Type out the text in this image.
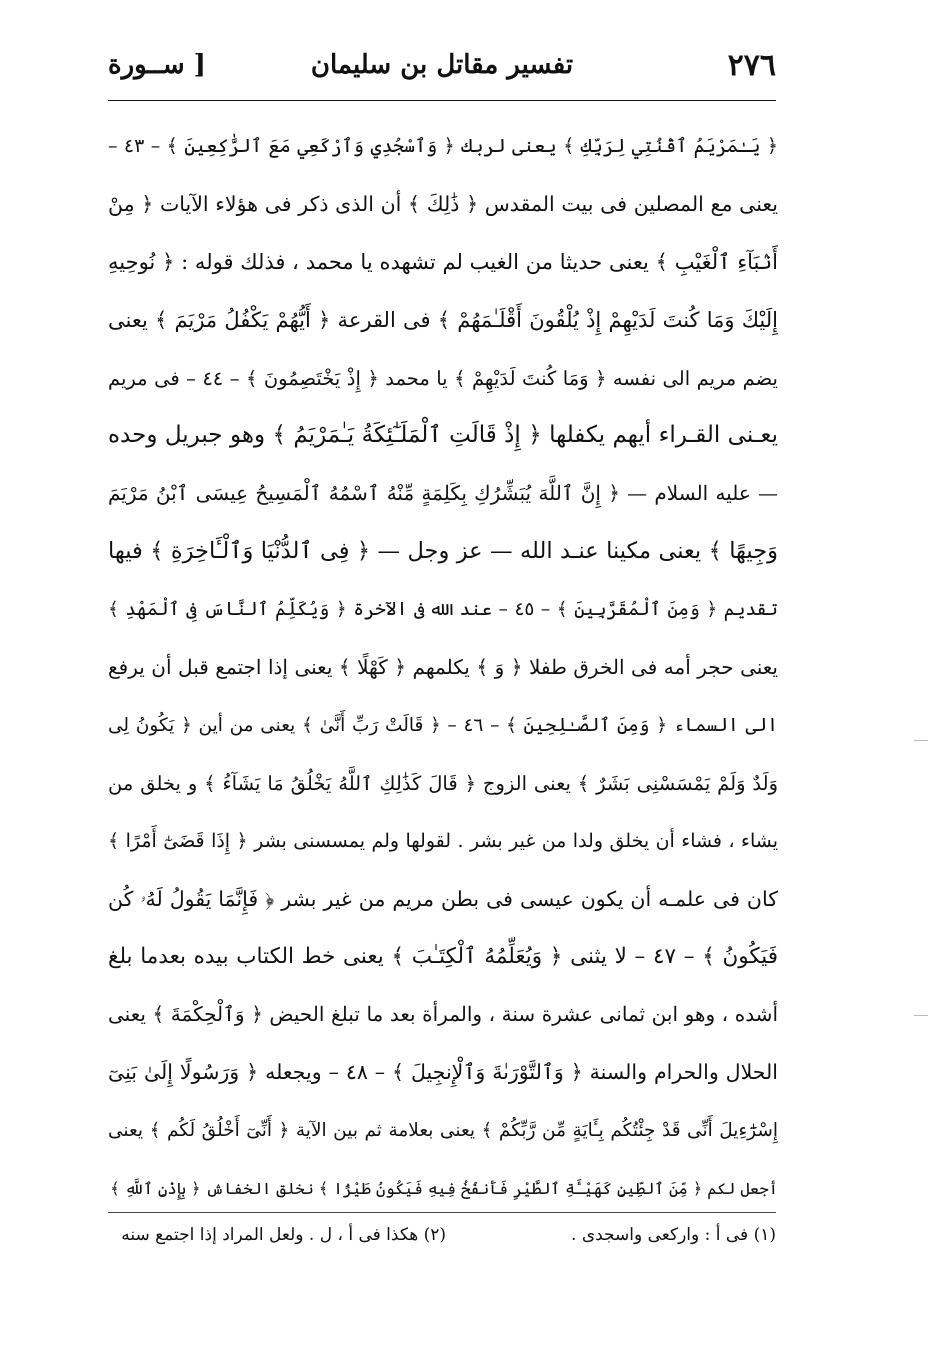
٢٧٦
تفسير مقاتل بن سليمان
[ ســورة
﴿ يَـٰمَرْيَمُ ٱقْنُتِي لِرَبِّكِ ﴾ يعنى لربك ﴿ وَٱسْجُدِي وَٱرْكَعِي مَعَ ٱلرَّٰكِعِينَ ﴾ – ٤٣ –
يعنى مع المصلين فى بيت المقدس ﴿ ذَٰلِكَ ﴾ أن الذى ذكر فى هؤلاء الآيات ﴿ مِنْ
أَنۢبَآءِ ٱلْغَيْبِ ﴾ يعنى حديثا من الغيب لم تشهده يا محمد ، فذلك قوله : ﴿ نُوحِيهِ
إِلَيْكَ وَمَا كُنتَ لَدَيْهِمْ إِذْ يُلْقُونَ أَقْلَـٰمَهُمْ ﴾ فى القرعة ﴿ أَيُّهُمْ يَكْفُلُ مَرْيَمَ ﴾ يعنى
يضم مريم الى نفسه ﴿ وَمَا كُنتَ لَدَيْهِمْ ﴾ يا محمد ﴿ إِذْ يَخْتَصِمُونَ ﴾ – ٤٤ – فى مريم
يعـنى القـراء أيهم يكفلها ﴿ إِذْ قَالَتِ ٱلْمَلَـٰٓئِكَةُ يَـٰمَرْيَمُ ﴾ وهو جبريل وحده
— عليه السلام — ﴿ إِنَّ ٱللَّهَ يُبَشِّرُكِ بِكَلِمَةٍ مِّنْهُ ٱسْمُهُ ٱلْمَسِيحُ عِيسَى ٱبْنُ مَرْيَمَ
وَجِيهًا ﴾ يعنى مكينا عنـد الله — عز وجل — ﴿ فِى ٱلدُّنْيَا وَٱلْـَٔاخِرَةِ ﴾ فيها
تقديم ﴿ وَمِنَ ٱلْمُقَرَّبِينَ ﴾ – ٤٥ – عند الله فى الآخرة ﴿ وَيُكَلِّمُ ٱلنَّاسَ فِى ٱلْمَهْدِ ﴾
يعنى حجر أمه فى الخرق طفلا ﴿ وَ ﴾ يكلمهم ﴿ كَهْلًا ﴾ يعنى إذا اجتمع قبل أن يرفع
الى السماء ﴿ وَمِنَ ٱلصَّـٰلِحِينَ ﴾ – ٤٦ – ﴿ قَالَتْ رَبِّ أَنَّىٰ ﴾ يعنى من أين ﴿ يَكُونُ لِى
وَلَدٌ وَلَمْ يَمْسَسْنِى بَشَرٌ ﴾ يعنى الزوج ﴿ قَالَ كَذَٰلِكِ ٱللَّهُ يَخْلُقُ مَا يَشَآءُ ﴾ و يخلق من
يشاء ، فشاء أن يخلق ولدا من غير بشر . لقولها ولم يمسسنى بشر ﴿ إِذَا قَضَىٰٓ أَمْرًا ﴾
كان فى علمـه أن يكون عيسى فى بطن مريم من غير بشر ﴿ فَإِنَّمَا يَقُولُ لَهُۥ كُن
فَيَكُونُ ﴾ – ٤٧ – لا يثنى ﴿ وَيُعَلِّمُهُ ٱلْكِتَـٰبَ ﴾ يعنى خط الكتاب بيده بعدما بلغ
أشده ، وهو ابن ثمانى عشرة سنة ، والمرأة بعد ما تبلغ الحيض ﴿ وَٱلْحِكْمَةَ ﴾ يعنى
الحلال والحرام والسنة ﴿ وَٱلتَّوْرَىٰةَ وَٱلْإِنجِيلَ ﴾ – ٤٨ – ويجعله ﴿ وَرَسُولًا إِلَىٰ بَنِىٓ
إِسْرَٰٓءِيلَ أَنِّى قَدْ جِئْتُكُم بِـَٔايَةٍ مِّن رَّبِّكُمْ ﴾ يعنى بعلامة ثم بين الآية ﴿ أَنِّىٓ أَخْلُقُ لَكُم ﴾ يعنى
أجعل لكم ﴿ مِّنَ ٱلطِّينِ كَهَيْـَٔةِ ٱلطَّيْرِ فَأَنفُخُ فِيهِ فَيَكُونُ طَيْرًۢا ﴾ نخلق الخفاش ﴿ بِإِذْنِ ٱللَّهِ ﴾
(١) فى أ : واركعى واسجدى .
(٢) هكذا فى أ ، ل . ولعل المراد إذا اجتمع سنه
